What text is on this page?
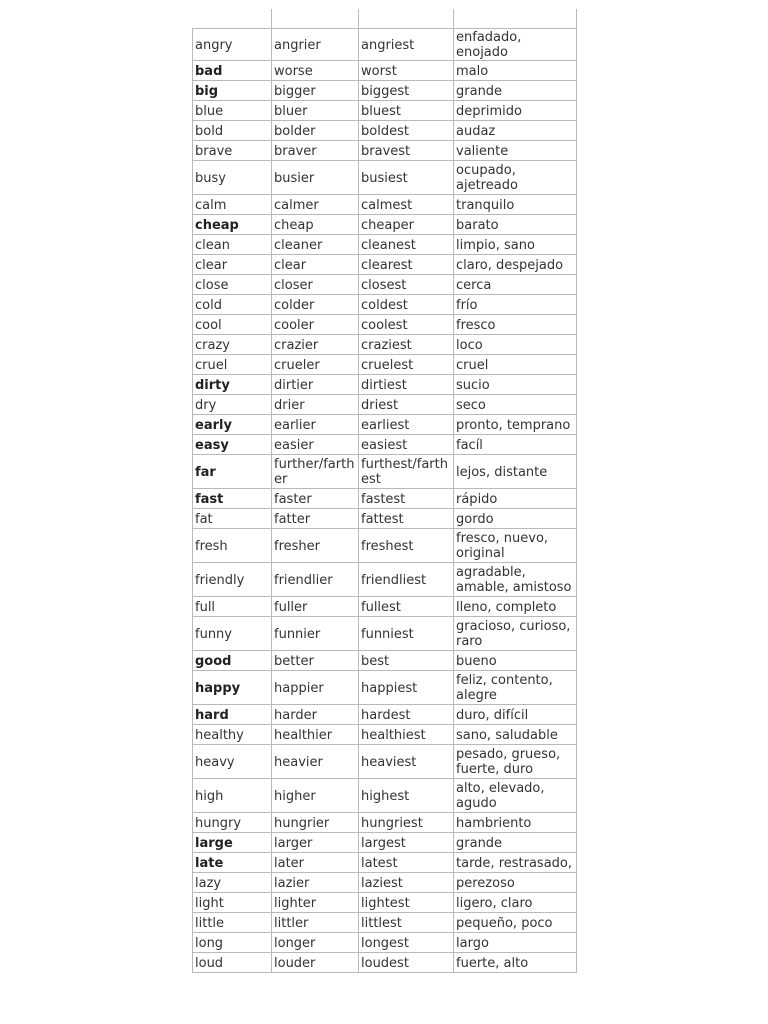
angry	angrier	angriest	enfadado, enojado
bad	worse	worst	malo
big	bigger	biggest	grande
blue	bluer	bluest	deprimido
bold	bolder	boldest	audaz
brave	braver	bravest	valiente
busy	busier	busiest	ocupado, ajetreado
calm	calmer	calmest	tranquilo
cheap	cheap	cheaper	barato
clean	cleaner	cleanest	limpio, sano
clear	clear	clearest	claro, despejado
close	closer	closest	cerca
cold	colder	coldest	frío
cool	cooler	coolest	fresco
crazy	crazier	craziest	loco
cruel	crueler	cruelest	cruel
dirty	dirtier	dirtiest	sucio
dry	drier	driest	seco
early	earlier	earliest	pronto, temprano
easy	easier	easiest	facíl
far	further/farther	furthest/farthest	lejos, distante
fast	faster	fastest	rápido
fat	fatter	fattest	gordo
fresh	fresher	freshest	fresco, nuevo, original
friendly	friendlier	friendliest	agradable, amable, amistoso
full	fuller	fullest	lleno, completo
funny	funnier	funniest	gracioso, curioso, raro
good	better	best	bueno
happy	happier	happiest	feliz, contento, alegre
hard	harder	hardest	duro, difícil
healthy	healthier	healthiest	sano, saludable
heavy	heavier	heaviest	pesado, grueso, fuerte, duro
high	higher	highest	alto, elevado, agudo
hungry	hungrier	hungriest	hambriento
large	larger	largest	grande
late	later	latest	tarde, restrasado,
lazy	lazier	laziest	perezoso
light	lighter	lightest	ligero, claro
little	littler	littlest	pequeño, poco
long	longer	longest	largo
loud	louder	loudest	fuerte, alto
